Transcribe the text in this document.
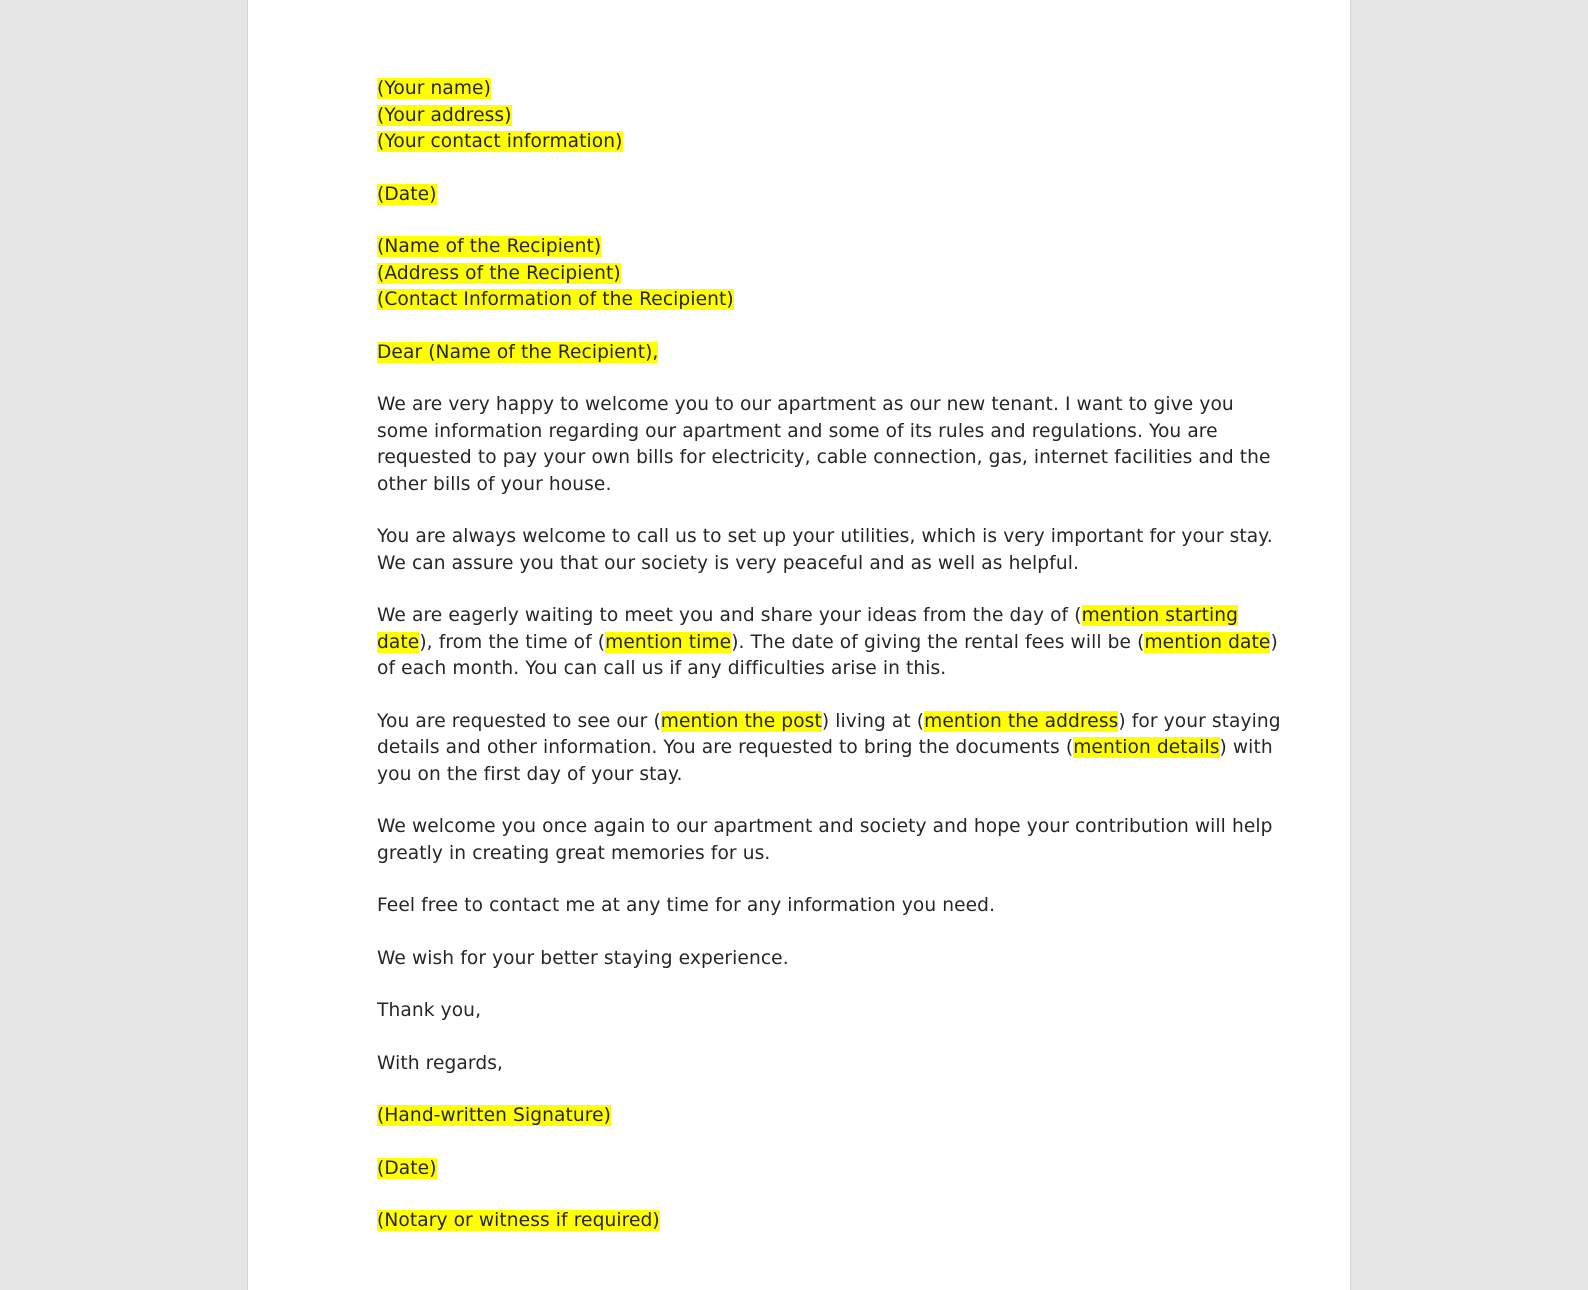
(Your name)
(Your address)
(Your contact information)
(Date)
(Name of the Recipient)
(Address of the Recipient)
(Contact Information of the Recipient)
Dear (Name of the Recipient),

We are very happy to welcome you to our apartment as our new tenant. I want to give you
some information regarding our apartment and some of its rules and regulations. You are
requested to pay your own bills for electricity, cable connection, gas, internet facilities and the
other bills of your house.

You are always welcome to call us to set up your utilities, which is very important for your stay.
We can assure you that our society is very peaceful and as well as helpful.

We are eagerly waiting to meet you and share your ideas from the day of (mention starting
date), from the time of (mention time). The date of giving the rental fees will be (mention date)
of each month. You can call us if any difficulties arise in this.

You are requested to see our (mention the post) living at (mention the address) for your staying
details and other information. You are requested to bring the documents (mention details) with
you on the first day of your stay.

We welcome you once again to our apartment and society and hope your contribution will help
greatly in creating great memories for us.

Feel free to contact me at any time for any information you need.

We wish for your better staying experience.

Thank you,

With regards,

(Hand-written Signature)

(Date)

(Notary or witness if required)
